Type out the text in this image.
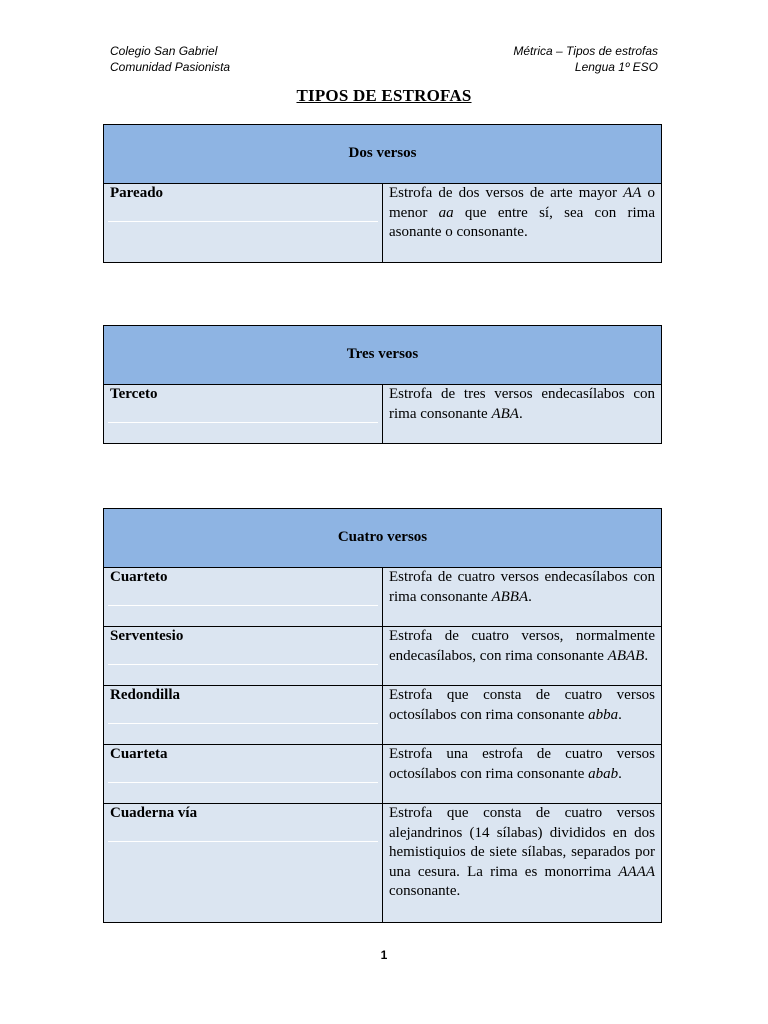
Colegio San Gabriel
Comunidad Pasionista
Métrica – Tipos de estrofas
Lengua 1º ESO
TIPOS DE ESTROFAS
Dos versos
Pareado	Estrofa de dos versos de arte mayor AA o menor aa que entre sí, sea con rima asonante o consonante.
Tres versos
Terceto	Estrofa de tres versos endecasílabos con rima consonante ABA.
Cuatro versos	
Cuarteto	Estrofa de cuatro versos endecasílabos con rima consonante ABBA.
Serventesio	Estrofa de cuatro versos, normalmente endecasílabos, con rima consonante ABAB.
Redondilla	Estrofa que consta de cuatro versos octosílabos con rima consonante abba.
Cuarteta	Estrofa una estrofa de cuatro versos octosílabos con rima consonante abab.
Cuaderna vía	Estrofa que consta de cuatro versos alejandrinos (14 sílabas) divididos en dos hemistiquios de siete sílabas, separados por una cesura. La rima es monorrima AAAA consonante.
1
